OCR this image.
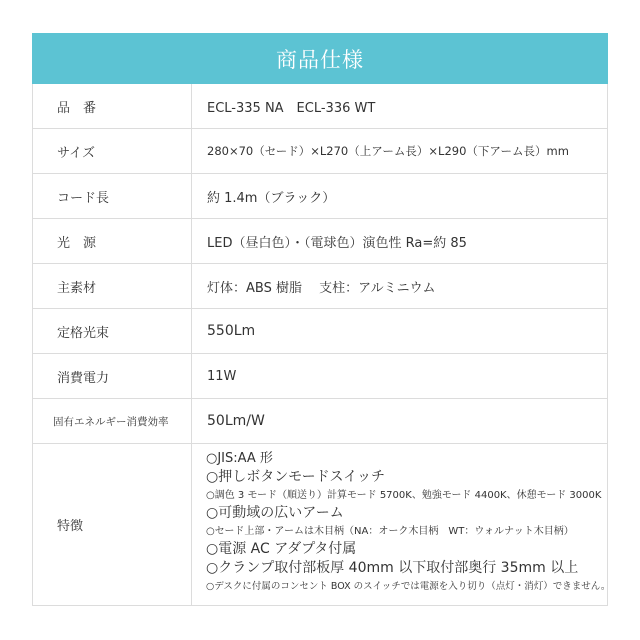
商品仕様
品　番	ECL-335 NA　ECL-336 WT
サイズ	280×70（セード）×L270（上アーム長）×L290（下アーム長）mm
コード長	約 1.4m（ブラック）
光　源	LED（昼白色）・（電球色）演色性 Ra=約 85
主素材	灯体：ABS 樹脂　 支柱：アルミニウム
定格光束	550Lm
消費電力	11W
固有エネルギー消費効率	50Lm/W
特徴
○JIS:AA 形
○押しボタンモードスイッチ
○調色 3 モード（順送り）計算モード 5700K、勉強モード 4400K、休憩モード 3000K
○可動域の広いアーム
○セード上部・アームは木目柄（NA：オーク木目柄　WT：ウォルナット木目柄）
○電源 AC アダプタ付属
○クランプ取付部板厚 40mm 以下取付部奥行 35mm 以上
○デスクに付属のコンセント BOX のスイッチでは電源を入り切り（点灯・消灯）できません。
